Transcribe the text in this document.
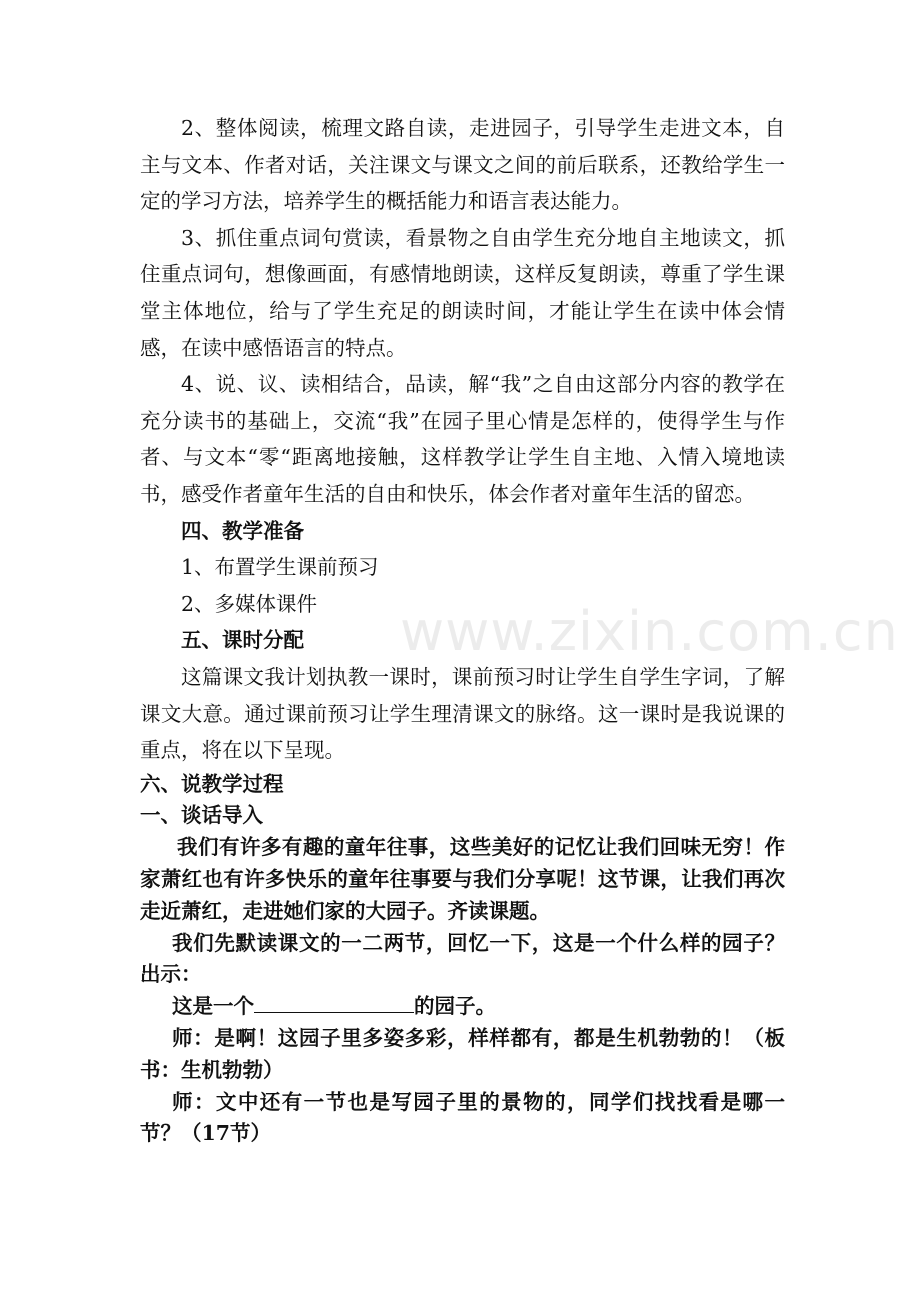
www.zixin.com.cn

2、整体阅读，梳理文路自读，走进园子，引导学生走进文本，自主与文本、作者对话，关注课文与课文之间的前后联系，还教给学生一定的学习方法，培养学生的概括能力和语言表达能力。

3、抓住重点词句赏读，看景物之自由学生充分地自主地读文，抓住重点词句，想像画面，有感情地朗读，这样反复朗读，尊重了学生课堂主体地位，给与了学生充足的朗读时间，才能让学生在读中体会情感，在读中感悟语言的特点。

4、说、议、读相结合，品读，解“我”之自由这部分内容的教学在充分读书的基础上，交流“我”在园子里心情是怎样的，使得学生与作者、与文本“零“距离地接触，这样教学让学生自主地、入情入境地读书，感受作者童年生活的自由和快乐，体会作者对童年生活的留恋。

四、教学准备

1、布置学生课前预习

2、多媒体课件

五、课时分配

这篇课文我计划执教一课时，课前预习时让学生自学生字词，了解课文大意。通过课前预习让学生理清课文的脉络。这一课时是我说课的重点，将在以下呈现。

六、说教学过程

一、谈话导入

我们有许多有趣的童年往事，这些美好的记忆让我们回味无穷！作家萧红也有许多快乐的童年往事要与我们分享呢！这节课，让我们再次走近萧红，走进她们家的大园子。齐读课题。

我们先默读课文的一二两节，回忆一下，这是一个什么样的园子？出示：

这是一个	的园子。

师：是啊！这园子里多姿多彩，样样都有，都是生机勃勃的！（板书：生机勃勃）

师：文中还有一节也是写园子里的景物的，同学们找找看是哪一节？（17节）
